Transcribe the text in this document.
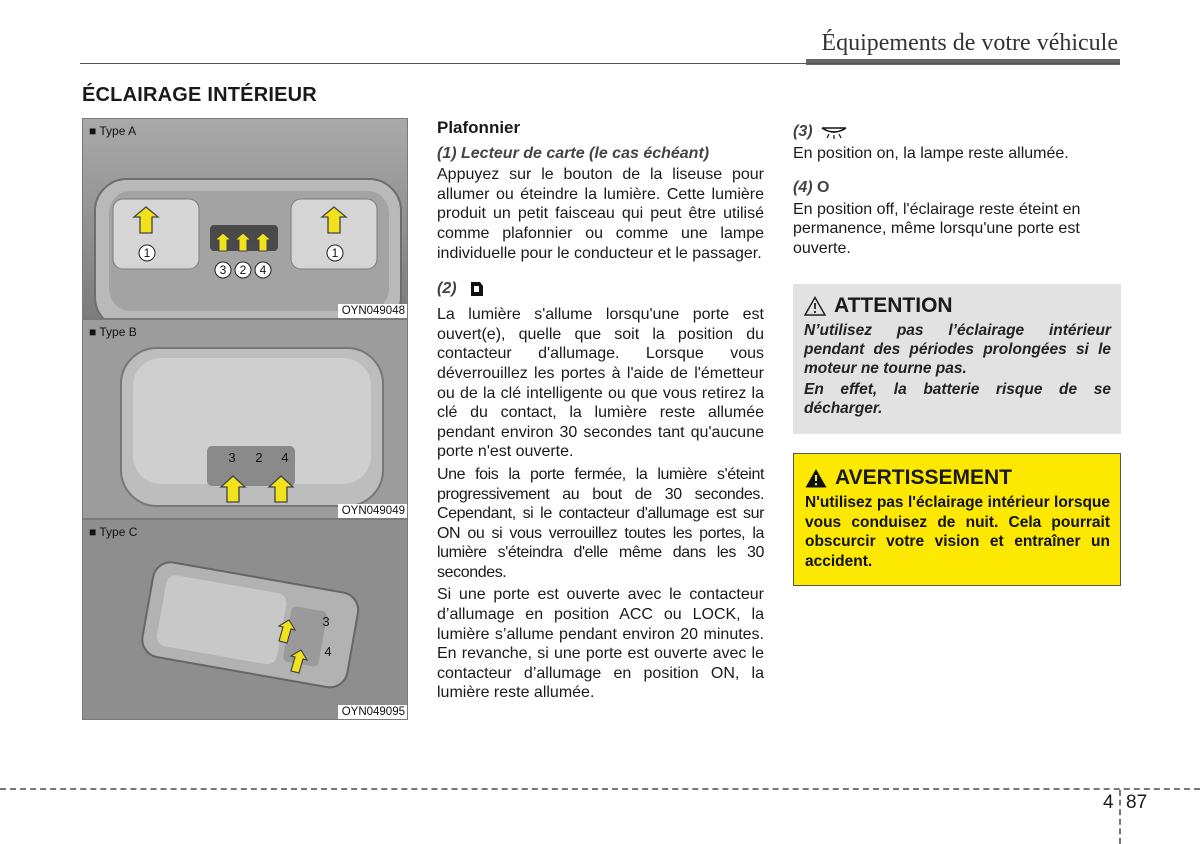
Équipements de votre véhicule
ÉCLAIRAGE INTÉRIEUR
1	1
3 2 4
■ Type A
OYN049048
3 2 4
■ Type B
OYN049049
3
4
■ Type C
OYN049095
Plafonnier
(1) Lecteur de carte (le cas échéant)

Appuyez sur le bouton de la liseuse pour allumer ou éteindre la lumière. Cette lumière produit un petit faisceau qui peut être utilisé comme plafonnier ou comme une lampe individuelle pour le conducteur et le passager.

(2)

La lumière s'allume lorsqu'une porte est ouvert(e), quelle que soit la position du contacteur d'allumage. Lorsque vous déverrouillez les portes à l'aide de l'émetteur ou de la clé intelligente ou que vous retirez la clé du contact, la lumière reste allumée pendant environ 30 secondes tant qu'aucune porte n'est ouverte.

Une fois la porte fermée, la lumière s'éteint progressivement au bout de 30 secondes. Cependant, si le contacteur d'allumage est sur ON ou si vous verrouillez toutes les portes, la lumière s'éteindra d'elle même dans les 30 secondes.

Si une porte est ouverte avec le contacteur d’allumage en position ACC ou LOCK, la lumière s’allume pendant environ 20 minutes. En revanche, si une porte est ouverte avec le contacteur d’allumage en position ON, la lumière reste allumée.

(3)

En position on, la lampe reste allumée.

(4) O

En position off, l'éclairage reste éteint en permanence, même lorsqu'une porte est ouverte.

ATTENTION

N’utilisez pas l’éclairage intérieur pendant des périodes prolongées si le moteur ne tourne pas.

En effet, la batterie risque de se décharger.

AVERTISSEMENT

N'utilisez pas l'éclairage intérieur lorsque vous conduisez de nuit. Cela pourrait obscurcir votre vision et entraîner un accident.

4 87
